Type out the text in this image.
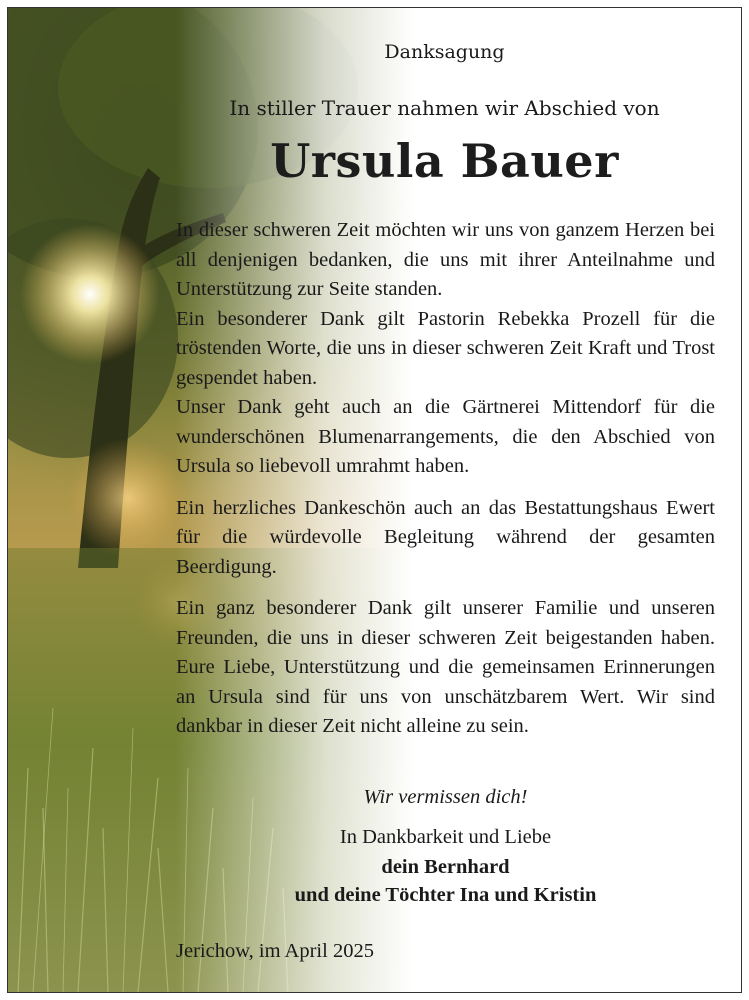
Danksagung
In stiller Trauer nahmen wir Abschied von
Ursula Bauer

In dieser schweren Zeit möchten wir uns von ganzem Herzen bei all denjenigen bedanken, die uns mit ihrer Anteilnahme und Unterstützung zur Seite standen.

Ein besonderer Dank gilt Pastorin Rebekka Prozell für die tröstenden Worte, die uns in dieser schweren Zeit Kraft und Trost gespendet haben.

Unser Dank geht auch an die Gärtnerei Mittendorf für die wunderschönen Blumenarrangements, die den Abschied von Ursula so liebevoll umrahmt haben.

Ein herzliches Dankeschön auch an das Bestattungshaus Ewert für die würdevolle Begleitung während der gesamten Beerdigung.

Ein ganz besonderer Dank gilt unserer Familie und unseren Freunden, die uns in dieser schweren Zeit beigestanden haben. Eure Liebe, Unterstützung und die gemeinsamen Erinnerungen an Ursula sind für uns von unschätzbarem Wert. Wir sind dankbar in dieser Zeit nicht alleine zu sein.

Wir vermissen dich!
In Dankbarkeit und Liebe
dein Bernhard
und deine Töchter Ina und Kristin
Jerichow, im April 2025
